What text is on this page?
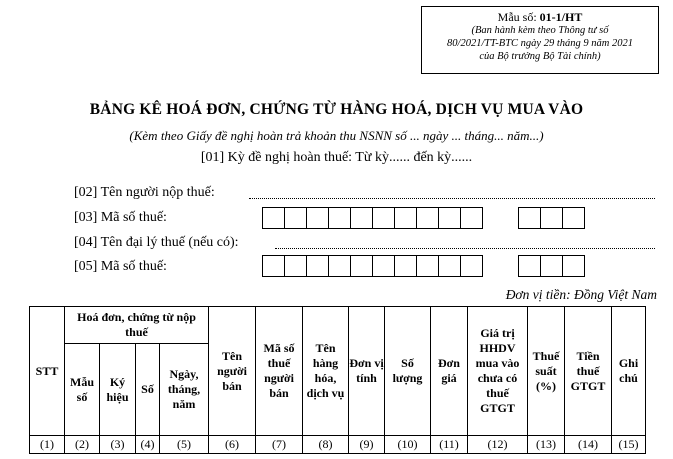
Mẫu số: 01-1/HT
(Ban hành kèm theo Thông tư số
80/2021/TT-BTC ngày 29 tháng 9 năm 2021
của Bộ trưởng Bộ Tài chính)
BẢNG KÊ HOÁ ĐƠN, CHỨNG TỪ HÀNG HOÁ, DỊCH VỤ MUA VÀO
(Kèm theo Giấy đề nghị hoàn trả khoản thu NSNN số ... ngày ... tháng... năm...)
[01] Kỳ đề nghị hoàn thuế: Từ kỳ...... đến kỳ......
[02] Tên người nộp thuế:
[03] Mã số thuế:
[04] Tên đại lý thuế (nếu có):
[05] Mã số thuế:
Đơn vị tiền: Đồng Việt Nam
STT	Hoá đơn, chứng từ nộp thuế				Tên người bán	Mã số thuế người bán	Tên hàng hóa, dịch vụ	Đơn vị tính	Số lượng	Đơn giá	Giá trị HHDV mua vào chưa có thuế GTGT	Thuế suất (%)	Tiền thuế GTGT	Ghi chú
	Mẫu số	Ký hiệu	Số	Ngày, tháng, năm										
(1)	(2)	(3)	(4)	(5)	(6)	(7)	(8)	(9)	(10)	(11)	(12)	(13)	(14)	(15)
